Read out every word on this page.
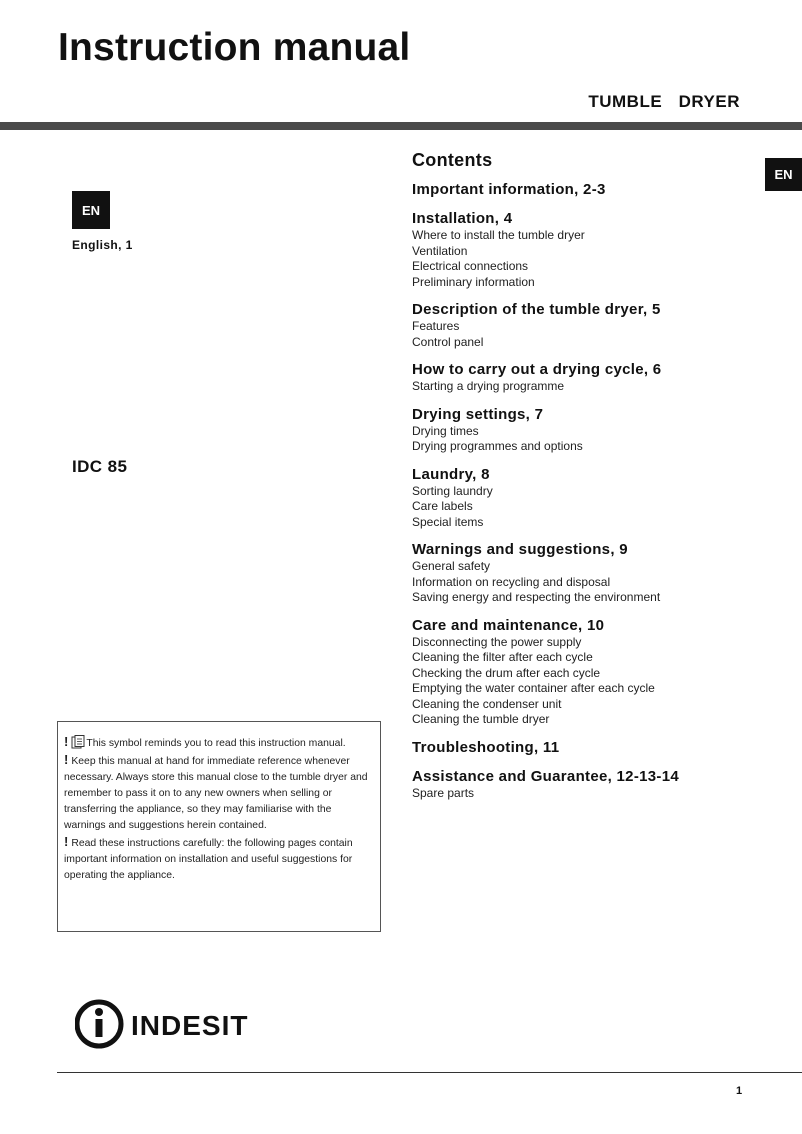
Instruction manual
TUMBLE  DRYER
EN
EN
English, 1
IDC 85
Contents
Important information, 2-3
Installation, 4
Where to install the tumble dryer
Ventilation
Electrical connections
Preliminary information
Description of the tumble dryer, 5
Features
Control panel
How to carry out a drying cycle, 6
Starting a drying programme
Drying settings, 7
Drying times
Drying programmes and options
Laundry, 8
Sorting laundry
Care labels
Special items
Warnings and suggestions, 9
General safety
Information on recycling and disposal
Saving energy and respecting the environment
Care and maintenance, 10
Disconnecting the power supply
Cleaning the filter after each cycle
Checking the drum after each cycle
Emptying the water container after each cycle
Cleaning the condenser unit
Cleaning the tumble dryer
Troubleshooting, 11
Assistance and Guarantee, 12-13-14
Spare parts

! This symbol reminds you to read this instruction manual.

! Keep this manual at hand for immediate reference whenever necessary. Always store this manual close to the tumble dryer and remember to pass it on to any new owners when selling or transferring the appliance, so they may familiarise with the warnings and suggestions herein contained.

! Read these instructions carefully: the following pages contain important information on installation and useful suggestions for operating the appliance.

INDESIT
1
